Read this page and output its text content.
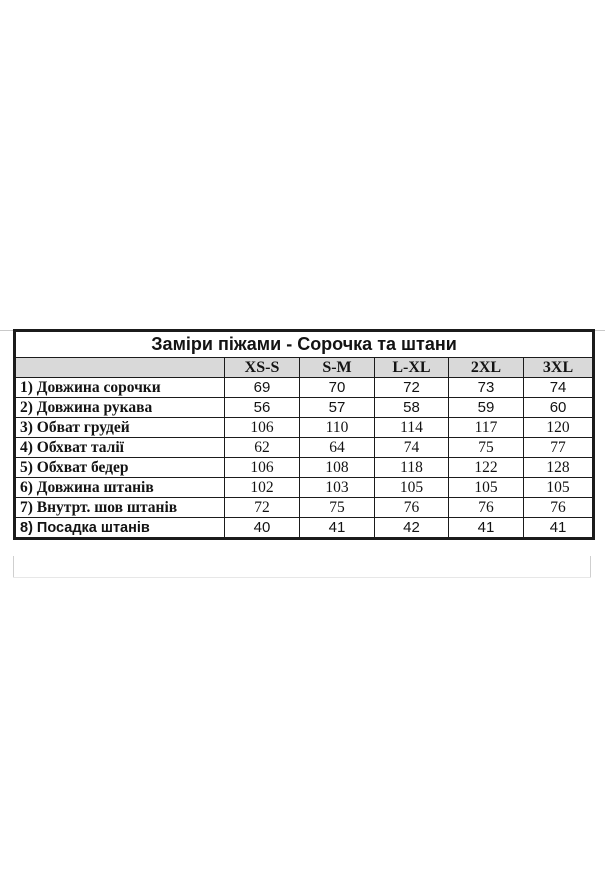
Заміри піжами - Сорочка та штани					
	XS-S	S-M	L-XL	2XL	3XL
1) Довжина сорочки	69	70	72	73	74
2) Довжина рукава	56	57	58	59	60
3) Обват грудей	106	110	114	117	120
4) Обхват талії	62	64	74	75	77
5) Обхват бедер	106	108	118	122	128
6) Довжина штанів	102	103	105	105	105
7) Внутрт. шов штанів	72	75	76	76	76
8) Посадка штанів	40	41	42	41	41
